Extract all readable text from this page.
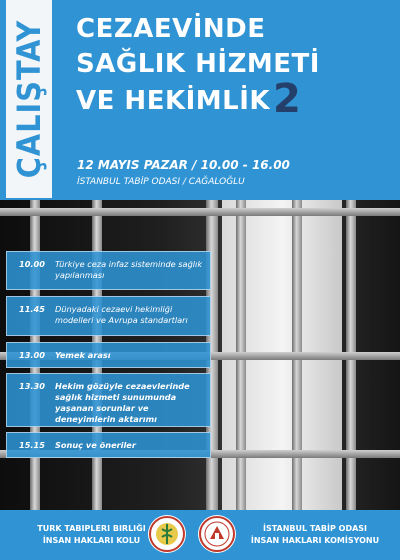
ÇALIŞTAY CEZAEVİNDE
SAĞLIK HİZMETİ
VE HEKİMLİK2
12 MAYIS PAZAR / 10.00 - 16.00
İSTANBUL TABİP ODASI / CAĞALOĞLU
10.00 Türkiye ceza infaz sisteminde sağlık yapılanması
11.45 Dünyadaki cezaevi hekimliği modelleri ve Avrupa standartları
13.00 Yemek arası
13.30 Hekim gözüyle cezaevlerinde sağlık hizmeti sunumunda yaşanan sorunlar ve deneyimlerin aktarımı
15.15 Sonuç ve öneriler
TURK TABIPLERI BIRLIĞI
İNSAN HAKLARI KOLU
İSTANBUL TABİP ODASI
İNSAN HAKLARI KOMİSYONU
